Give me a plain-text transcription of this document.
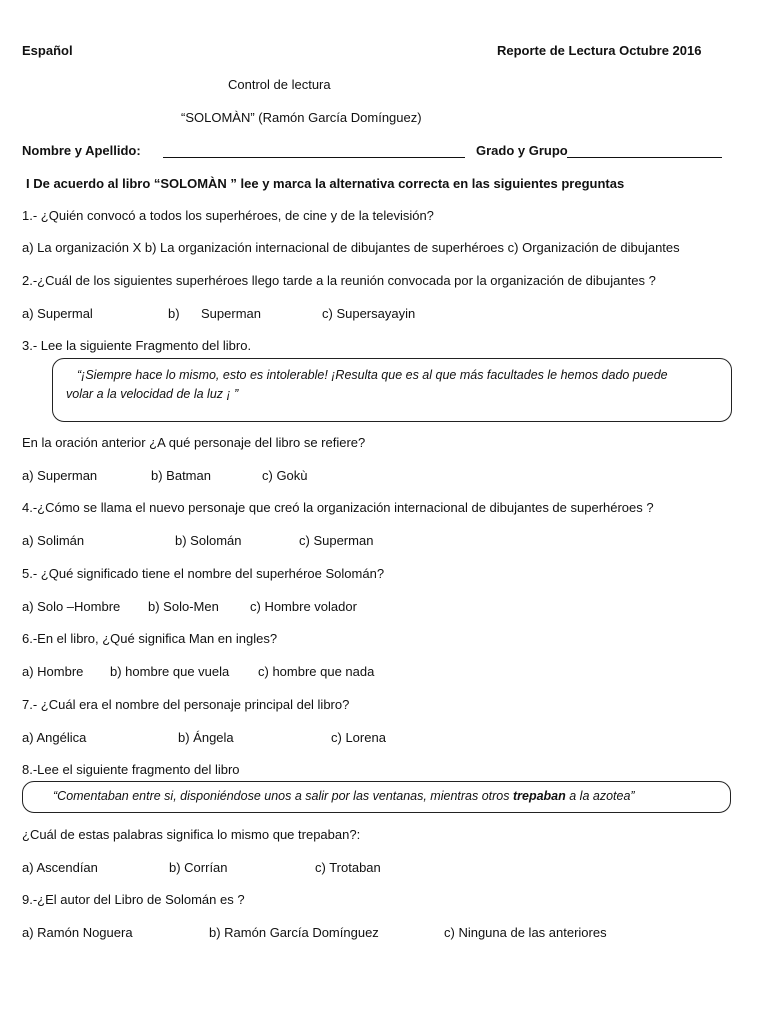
Español	Reporte de Lectura Octubre 2016
Control de lectura
“SOLOMÀN” (Ramón García Domínguez)
Nombre y Apellido:	Grado y Grupo
I De acuerdo al libro “SOLOMÀN ” lee y marca la alternativa correcta en las siguientes preguntas
1.- ¿Quién convocó a todos los superhéroes, de cine y de la televisión?
a) La organización X b) La organización internacional de dibujantes de superhéroes c) Organización de dibujantes
2.-¿Cuál de los siguientes superhéroes llego tarde a la reunión convocada por la organización de dibujantes ?
a) Supermal	b) Superman	c) Supersayayin
3.- Lee la siguiente Fragmento del libro.
“¡Siempre hace lo mismo, esto es intolerable! ¡Resulta que es al que más facultades le hemos dado puede
volar a la velocidad de la luz ¡ ”
En la oración anterior ¿A qué personaje del libro se refiere?
a) Superman	b) Batman	c) Gokù
4.-¿Cómo se llama el nuevo personaje que creó la organización internacional de dibujantes de superhéroes ?
a) Solimán	b) Solomán	c) Superman
5.- ¿Qué significado tiene el nombre del superhéroe Solomán?
a) Solo –Hombre b) Solo-Men c) Hombre volador
6.-En el libro, ¿Qué significa Man en ingles?
a) Hombre b) hombre que vuela c) hombre que nada
7.- ¿Cuál era el nombre del personaje principal del libro?
a) Angélica	b) Ángela	c) Lorena
8.-Lee el siguiente fragmento del libro
“Comentaban entre si, disponiéndose unos a salir por las ventanas, mientras otros trepaban a la azotea”
¿Cuál de estas palabras significa lo mismo que trepaban?:
a) Ascendían	b) Corrían	c) Trotaban
9.-¿El autor del Libro de Solomán es ?
a) Ramón Noguera	b) Ramón García Domínguez	c) Ninguna de las anteriores
